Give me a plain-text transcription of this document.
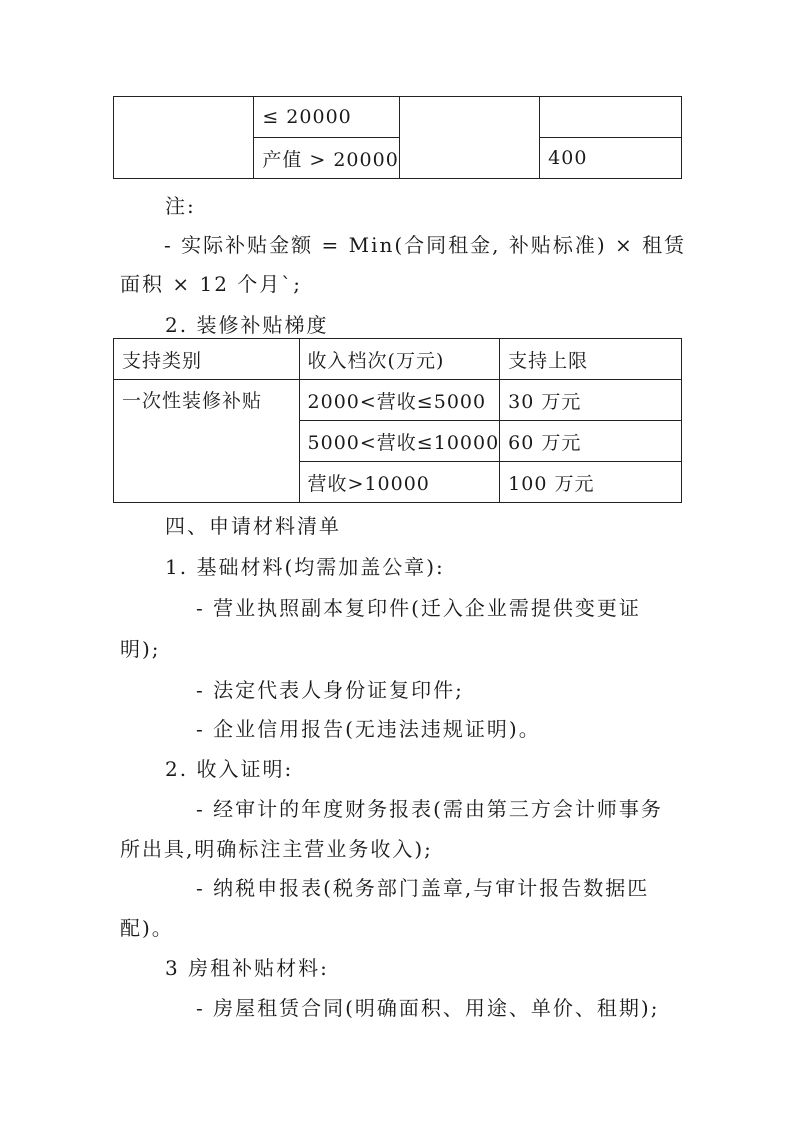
	≤ 20000		
	产值 > 20000		400
注:
- 实际补贴金额 = Min(合同租金, 补贴标准) × 租赁
面积 × 12 个月`;
2. 装修补贴梯度
支持类别	收入档次(万元)	支持上限
一次性装修补贴	2000<营收≤5000	30 万元
	5000<营收≤10000	60 万元
	营收>10000	100 万元
四、申请材料清单
1. 基础材料(均需加盖公章):
- 营业执照副本复印件(迁入企业需提供变更证
明);
- 法定代表人身份证复印件;
- 企业信用报告(无违法违规证明)。
2. 收入证明:
- 经审计的年度财务报表(需由第三方会计师事务
所出具,明确标注主营业务收入);
- 纳税申报表(税务部门盖章,与审计报告数据匹
配)。
3 房租补贴材料:
- 房屋租赁合同(明确面积、用途、单价、租期);
